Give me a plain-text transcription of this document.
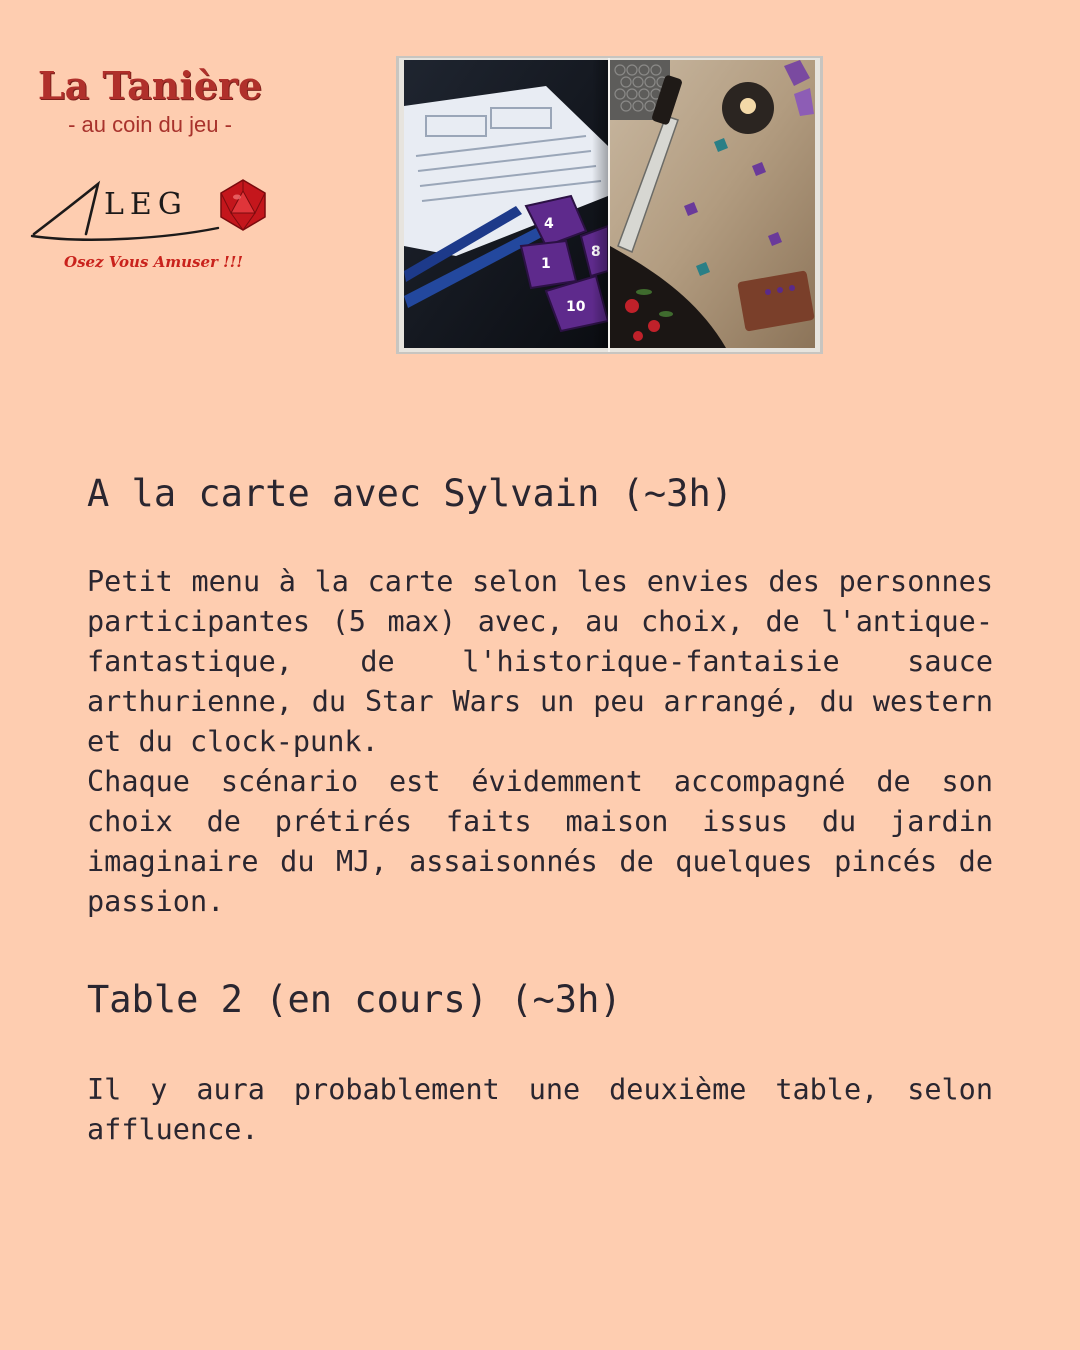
La Tanière
- au coin du jeu -
LEG
Osez Vous Amuser !!!
4
1
10
A la carte avec Sylvain (~3h)

Petit menu à la carte selon les envies des personnes participantes (5 max) avec, au choix, de l'antique-fantastique, de l'historique-fantaisie sauce arthurienne, du Star Wars un peu arrangé, du western et du clock-punk.

Chaque scénario est évidemment accompagné de son choix de prétirés faits maison issus du jardin imaginaire du MJ, assaisonnés de quelques pincés de passion.

Table 2 (en cours) (~3h)

Il y aura probablement une deuxième table, selon affluence.
